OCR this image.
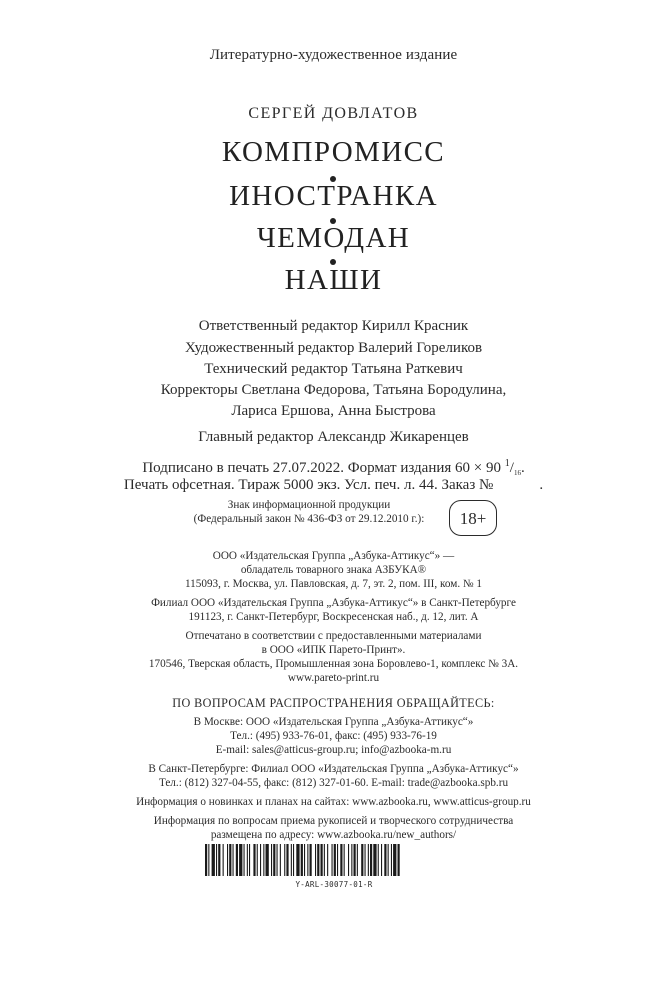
Литературно-художественное издание
СЕРГЕЙ ДОВЛАТОВ
КОМПРОМИСС
ИНОСТРАНКА
ЧЕМОДАН
НАШИ
Ответственный редактор Кирилл Красник
Художественный редактор Валерий Гореликов
Технический редактор Татьяна Раткевич
Корректоры Светлана Федорова, Татьяна Бородулина,
Лариса Ершова, Анна Быстрова
Главный редактор Александр Жикаренцев
Подписано в печать 27.07.2022. Формат издания 60 × 90 $^1/_{16}$.
Печать офсетная. Тираж 5000 экз. Усл. печ. л. 44. Заказ №	.
Знак информационной продукции
(Федеральный закон № 436-ФЗ от 29.12.2010 г.):	18+
ООО «Издательская Группа „Азбука-Аттикус“» —
обладатель товарного знака АЗБУКА®
115093, г. Москва, ул. Павловская, д. 7, эт. 2, пом. III, ком. № 1
Филиал ООО «Издательская Группа „Азбука-Аттикус“» в Санкт-Петербурге
191123, г. Санкт-Петербург, Воскресенская наб., д. 12, лит. А
Отпечатано в соответствии с предоставленными материалами
в ООО «ИПК Парето-Принт».
170546, Тверская область, Промышленная зона Боровлево-1, комплекс № 3А.
www.pareto-print.ru
ПО ВОПРОСАМ РАСПРОСТРАНЕНИЯ ОБРАЩАЙТЕСЬ:
В Москве: ООО «Издательская Группа „Азбука-Аттикус“»
Тел.: (495) 933-76-01, факс: (495) 933-76-19
E-mail: sales@atticus-group.ru; info@azbooka-m.ru
В Санкт-Петербурге: Филиал ООО «Издательская Группа „Азбука-Аттикус“»
Тел.: (812) 327-04-55, факс: (812) 327-01-60. E-mail: trade@azbooka.spb.ru
Информация о новинках и планах на сайтах: www.azbooka.ru, www.atticus-group.ru
Информация по вопросам приема рукописей и творческого сотрудничества
размещена по адресу: www.azbooka.ru/new_authors/
Y-ARL-30077-01-R
